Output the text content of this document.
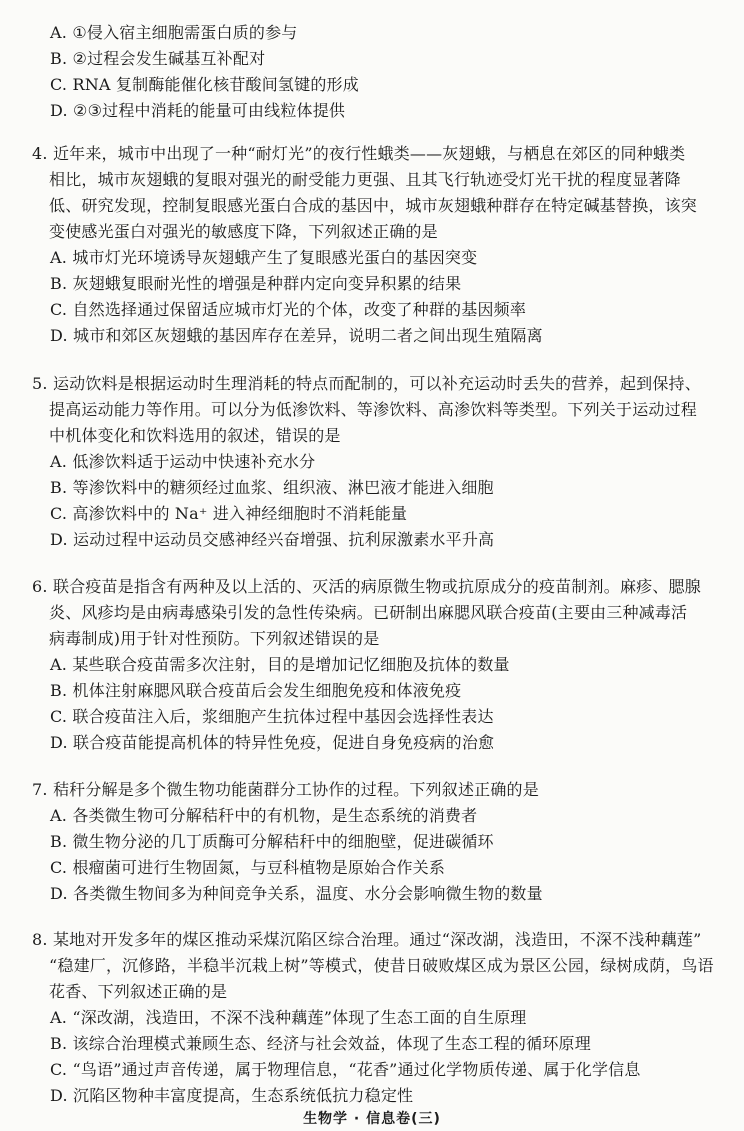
A. ①侵入宿主细胞需蛋白质的参与
B. ②过程会发生碱基互补配对
C. RNA 复制酶能催化核苷酸间氢键的形成
D. ②③过程中消耗的能量可由线粒体提供
4. 近年来，城市中出现了一种“耐灯光”的夜行性蛾类——灰翅蛾，与栖息在郊区的同种蛾类
相比，城市灰翅蛾的复眼对强光的耐受能力更强、且其飞行轨迹受灯光干扰的程度显著降
低、研究发现，控制复眼感光蛋白合成的基因中，城市灰翅蛾种群存在特定碱基替换，该突
变使感光蛋白对强光的敏感度下降，下列叙述正确的是
A. 城市灯光环境诱导灰翅蛾产生了复眼感光蛋白的基因突变
B. 灰翅蛾复眼耐光性的增强是种群内定向变异积累的结果
C. 自然选择通过保留适应城市灯光的个体，改变了种群的基因频率
D. 城市和郊区灰翅蛾的基因库存在差异，说明二者之间出现生殖隔离
5. 运动饮料是根据运动时生理消耗的特点而配制的，可以补充运动时丢失的营养，起到保持、
提高运动能力等作用。可以分为低渗饮料、等渗饮料、高渗饮料等类型。下列关于运动过程
中机体变化和饮料选用的叙述，错误的是
A. 低渗饮料适于运动中快速补充水分
B. 等渗饮料中的糖须经过血浆、组织液、淋巴液才能进入细胞
C. 高渗饮料中的 Na⁺ 进入神经细胞时不消耗能量
D. 运动过程中运动员交感神经兴奋增强、抗利尿激素水平升高
6. 联合疫苗是指含有两种及以上活的、灭活的病原微生物或抗原成分的疫苗制剂。麻疹、腮腺
炎、风疹均是由病毒感染引发的急性传染病。已研制出麻腮风联合疫苗(主要由三种减毒活
病毒制成)用于针对性预防。下列叙述错误的是
A. 某些联合疫苗需多次注射，目的是增加记忆细胞及抗体的数量
B. 机体注射麻腮风联合疫苗后会发生细胞免疫和体液免疫
C. 联合疫苗注入后，浆细胞产生抗体过程中基因会选择性表达
D. 联合疫苗能提高机体的特异性免疫，促进自身免疫病的治愈
7. 秸秆分解是多个微生物功能菌群分工协作的过程。下列叙述正确的是
A. 各类微生物可分解秸秆中的有机物，是生态系统的消费者
B. 微生物分泌的几丁质酶可分解秸秆中的细胞壁，促进碳循环
C. 根瘤菌可进行生物固氮，与豆科植物是原始合作关系
D. 各类微生物间多为种间竞争关系，温度、水分会影响微生物的数量
8. 某地对开发多年的煤区推动采煤沉陷区综合治理。通过“深改湖，浅造田，不深不浅种藕莲”
“稳建厂，沉修路，半稳半沉栽上树”等模式，使昔日破败煤区成为景区公园，绿树成荫，鸟语
花香、下列叙述正确的是
A. “深改湖，浅造田，不深不浅种藕莲”体现了生态工面的自生原理
B. 该综合治理模式兼顾生态、经济与社会效益，体现了生态工程的循环原理
C. “鸟语”通过声音传递，属于物理信息，“花香”通过化学物质传递、属于化学信息
D. 沉陷区物种丰富度提高，生态系统低抗力稳定性
生物学 · 信息卷(三)
